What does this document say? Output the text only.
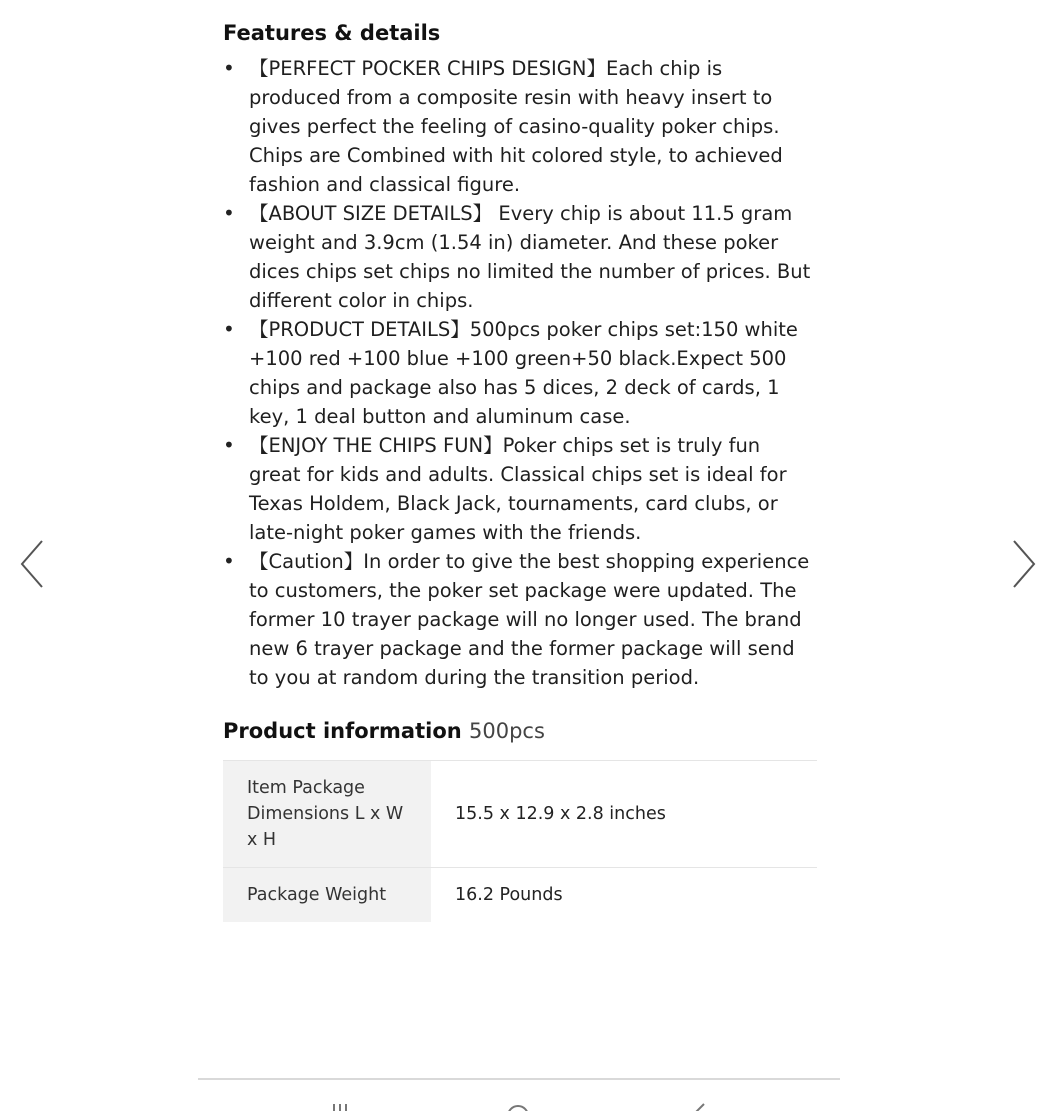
Features & details
• 【PERFECT POCKER CHIPS DESIGN】Each chip is produced from a composite resin with heavy insert to gives perfect the feeling of casino-quality poker chips. Chips are Combined with hit colored style, to achieved fashion and classical figure.
• 【ABOUT SIZE DETAILS】 Every chip is about 11.5 gram weight and 3.9cm (1.54 in) diameter. And these poker dices chips set chips no limited the number of prices. But different color in chips.
• 【PRODUCT DETAILS】500pcs poker chips set:150 white +100 red +100 blue +100 green+50 black.Expect 500 chips and package also has 5 dices, 2 deck of cards, 1 key, 1 deal button and aluminum case.
• 【ENJOY THE CHIPS FUN】Poker chips set is truly fun great for kids and adults. Classical chips set is ideal for Texas Holdem, Black Jack, tournaments, card clubs, or late-night poker games with the friends.
• 【Caution】In order to give the best shopping experience to customers, the poker set package were updated. The former 10 trayer package will no longer used. The brand new 6 trayer package and the former package will send to you at random during the transition period.
Product information 500pcs
Item Package Dimensions L x W x H	15.5 x 12.9 x 2.8 inches
Package Weight	16.2 Pounds
